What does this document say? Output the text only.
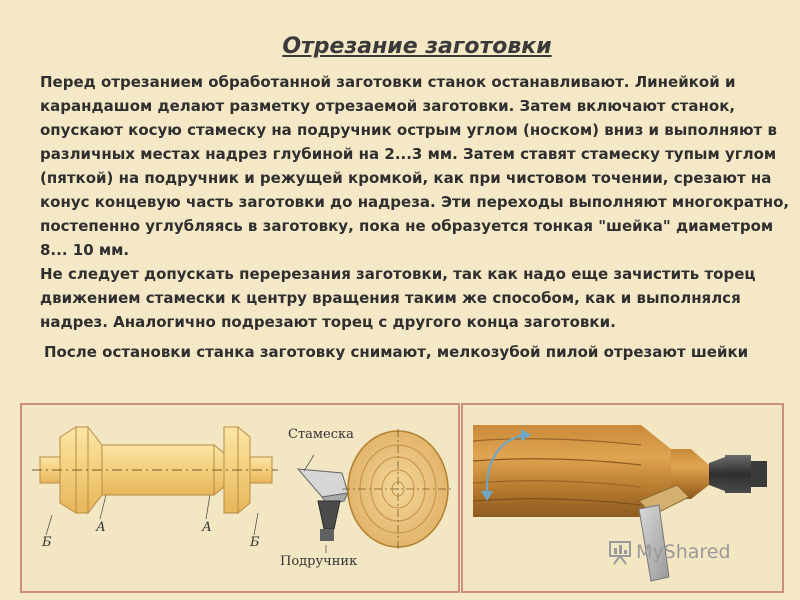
Отрезание заготовки

Перед отрезанием обработанной заготовки станок останавливают. Линейкой и карандашом делают разметку отрезаемой заготовки. Затем включают станок, опускают косую стамеску на подручник острым углом (носком) вниз и выполняют в различных местах надрез глубиной на 2...3 мм. Затем ставят стамеску тупым углом (пяткой) на подручник и режущей кромкой, как при чистовом точении, срезают на конус концевую часть заготовки до надреза. Эти переходы выполняют многократно, постепенно углубляясь в заготовку, пока не образуется тонкая "шейка" диаметром 8... 10 мм.

Не следует допускать перерезания заготовки, так как надо еще зачистить торец движением стамески к центру вращения таким же способом, как и выполнялся надрез. Аналогично подрезают торец с другого конца заготовки.

После остановки станка заготовку снимают, мелкозубой пилой отрезают шейки

А	А
Б	Б
Стамеска
Подручник	MyShared
